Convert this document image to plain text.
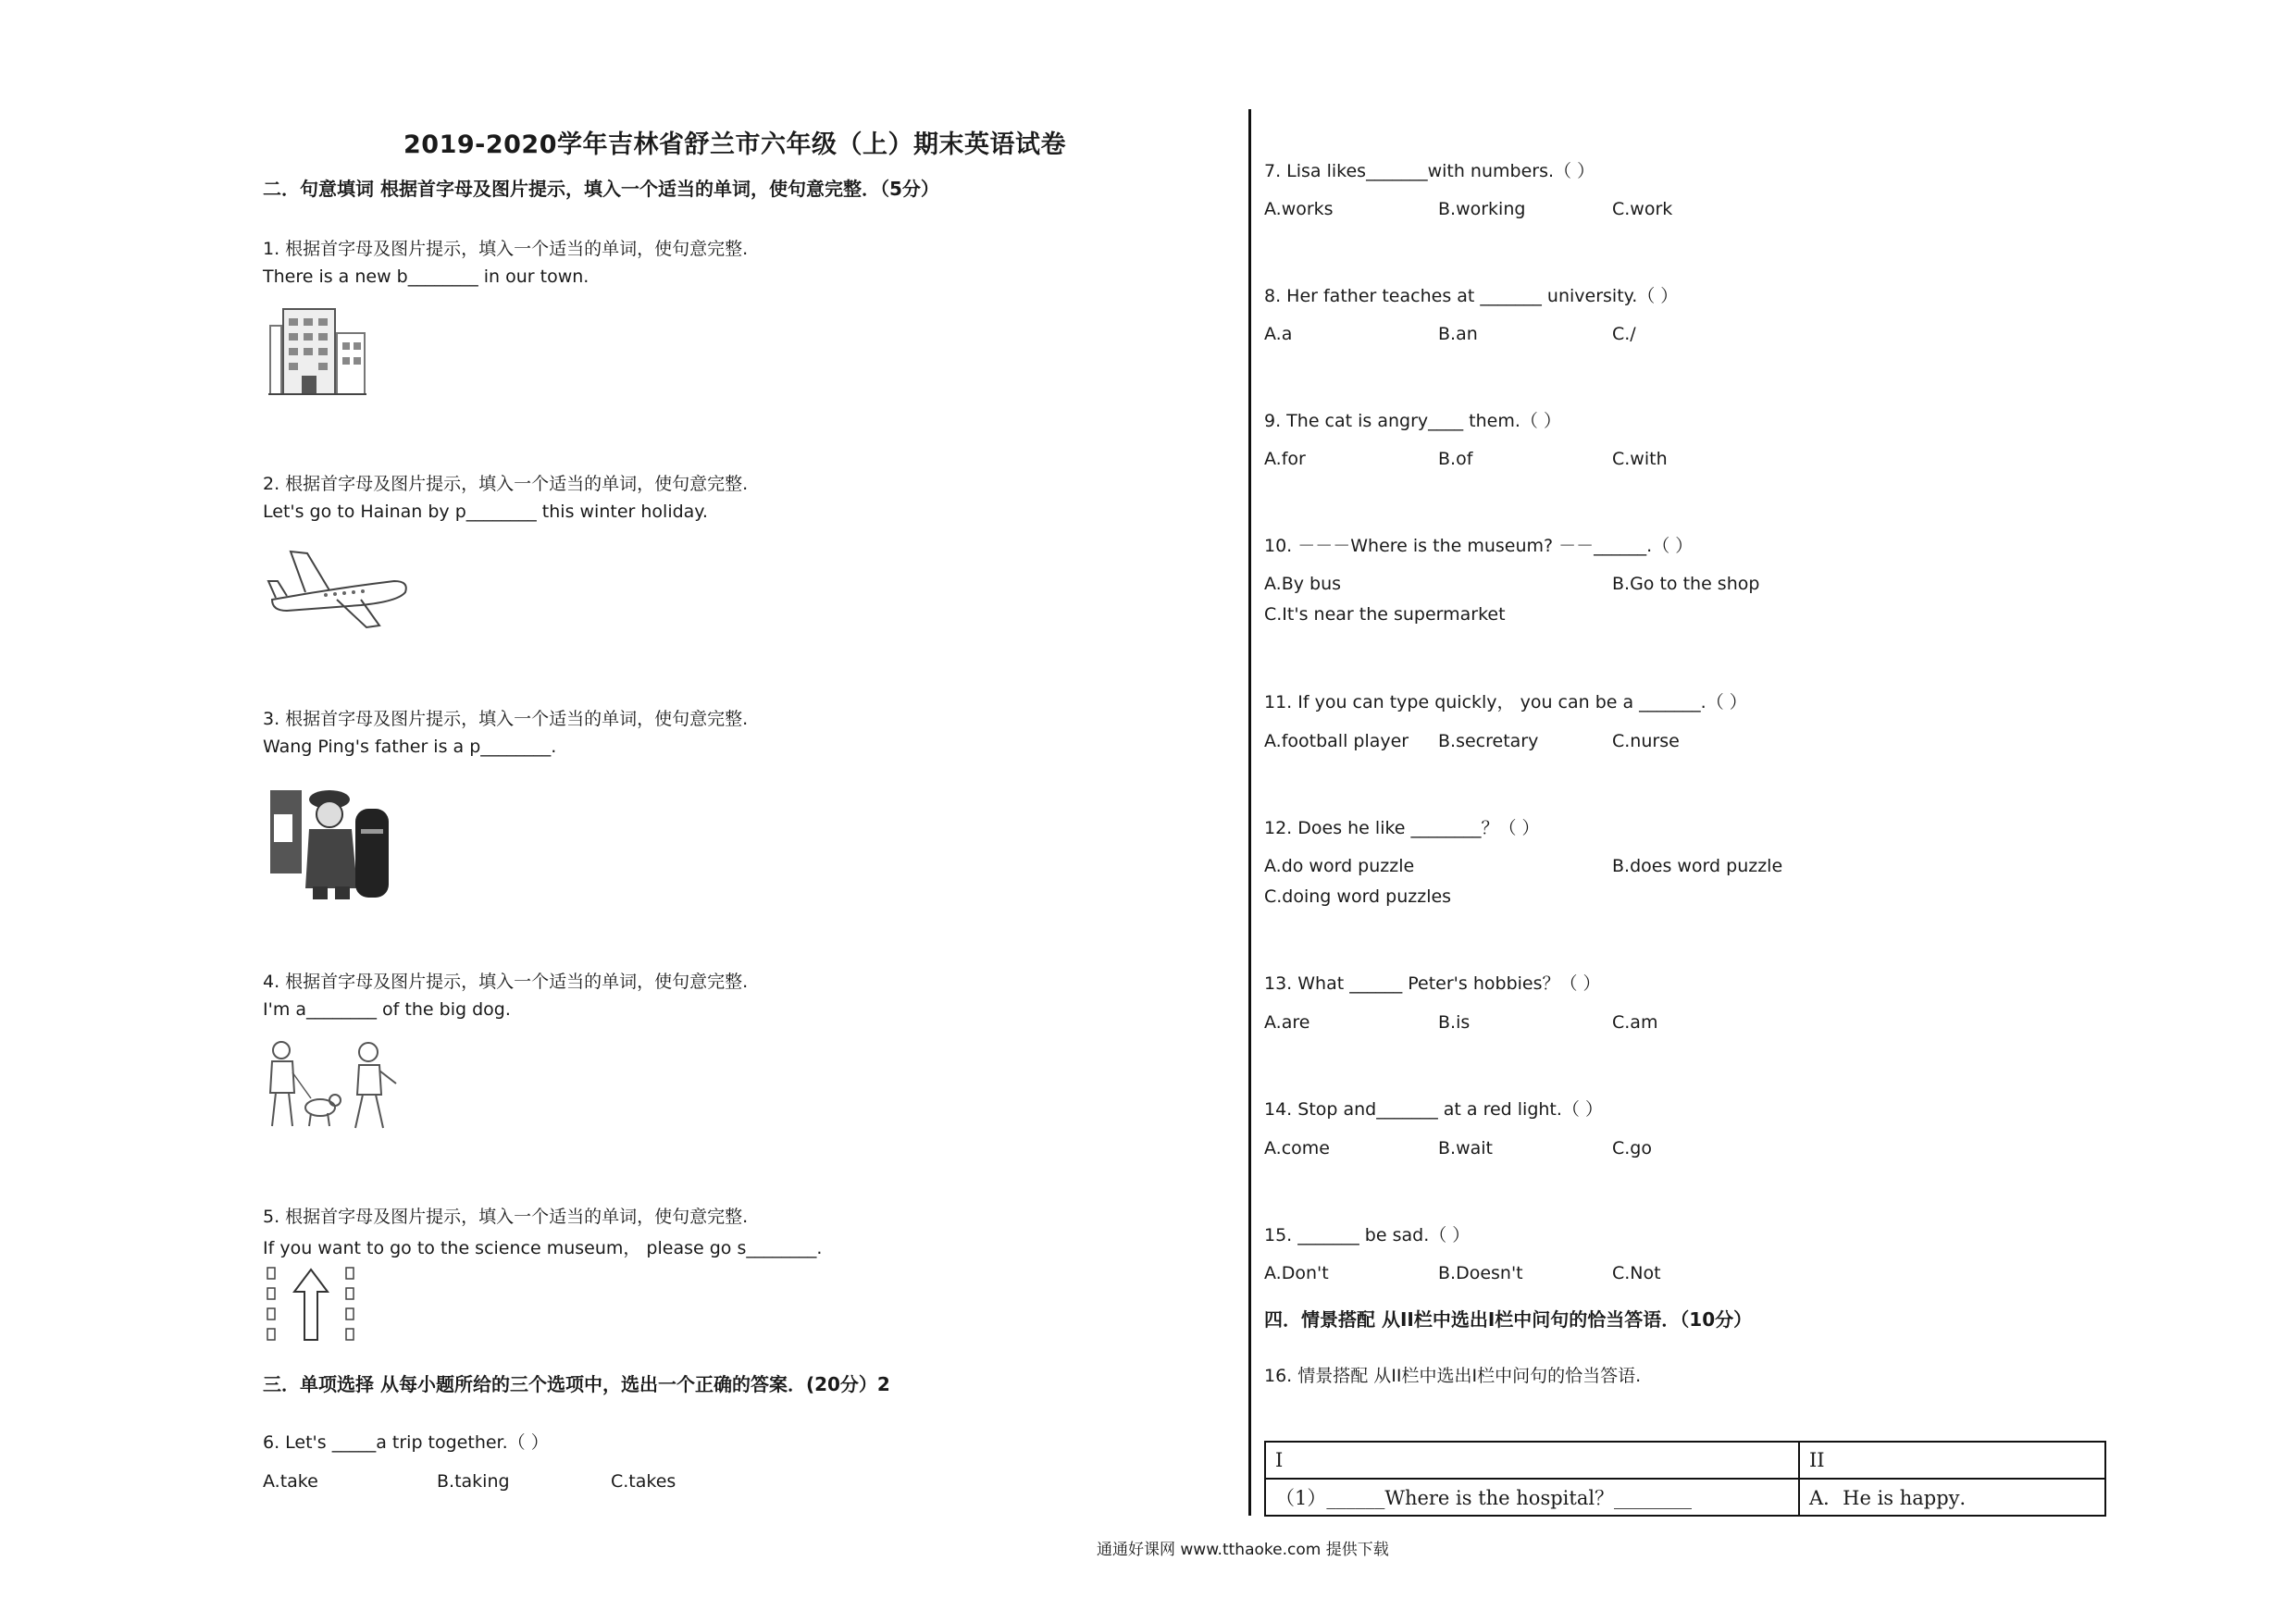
2019-2020学年吉林省舒兰市六年级（上）期末英语试卷
二．句意填词 根据首字母及图片提示，填入一个适当的单词，使句意完整．（5分）
1. 根据首字母及图片提示，填入一个适当的单词，使句意完整.
There is a new b________ in our town.
2. 根据首字母及图片提示，填入一个适当的单词，使句意完整.
Let's go to Hainan by p________ this winter holiday.
3. 根据首字母及图片提示，填入一个适当的单词，使句意完整.
Wang Ping's father is a p________.
4. 根据首字母及图片提示，填入一个适当的单词，使句意完整.
I'm a________ of the big dog.
5. 根据首字母及图片提示，填入一个适当的单词，使句意完整.
If you want to go to the science museum， please go s________.
三．单项选择 从每小题所给的三个选项中，选出一个正确的答案．(20分）2
6. Let's _____a trip together.（ ）
A.take	B.taking	C.takes
7. Lisa likes_______with numbers.（ ）
A.works	B.working	C.work
8. Her father teaches at _______ university.（ ）
A.a	B.an	C./
9. The cat is angry____ them.（ ）
A.for	B.of	C.with
10. －－－Where is the museum? －－______.（ ）
A.By bus	B.Go to the shop
C.It's near the supermarket
11. If you can type quickly， you can be a _______.（ ）
A.football player B.secretary	C.nurse
12. Does he like ________？（ ）
A.do word puzzle	B.does word puzzle
C.doing word puzzles
13. What ______ Peter's hobbies？（ ）
A.are	B.is	C.am
14. Stop and_______ at a red light.（ ）
A.come	B.wait	C.go
15. _______ be sad.（ ）
A.Don't	B.Doesn't	C.Not
四．情景搭配 从II栏中选出I栏中问句的恰当答语．（10分）
16. 情景搭配 从II栏中选出I栏中问句的恰当答语.
I	II
（1）______Where is the hospital？________	A．He is happy．
通通好课网 www.tthaoke.com 提供下载
